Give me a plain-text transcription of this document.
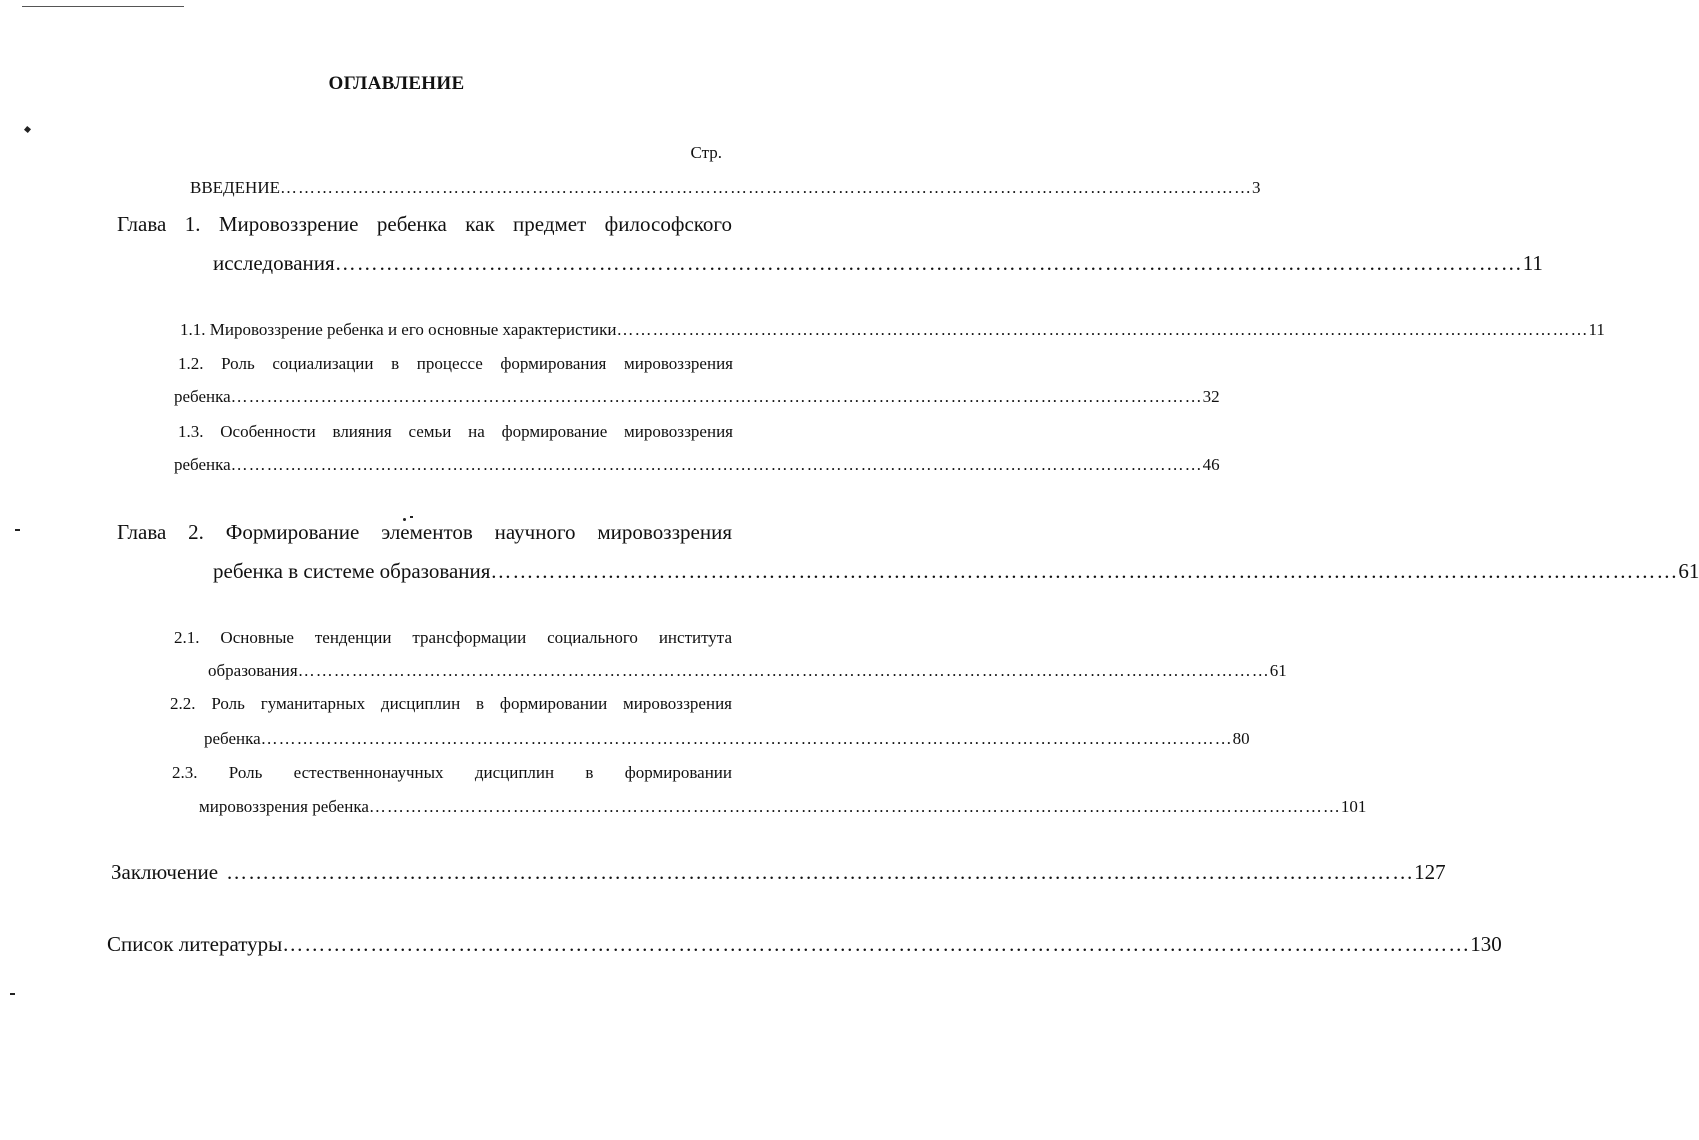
ОГЛАВЛЕНИЕ
Стр.
ВВЕДЕНИЕ ……………………………………………………………………………………………………………………………………………… 3
Глава 1. Мировоззрение ребенка как предмет философского
исследования ……………………………………………………………………………………………………………………………………………… 11
1.1. Мировоззрение ребенка и его основные характеристики ……………………………………………………………………………………………………………………………………………… 11
1.2. Роль социализации в процессе формирования мировоззрения
ребенка ……………………………………………………………………………………………………………………………………………… 32
1.3. Особенности влияния семьи на формирование мировоззрения
ребенка ……………………………………………………………………………………………………………………………………………… 46
Глава 2. Формирование элементов научного мировоззрения
ребенка в системе образования ……………………………………………………………………………………………………………………………………………… 61
2.1. Основные тенденции трансформации социального института
образования ……………………………………………………………………………………………………………………………………………… 61
2.2. Роль гуманитарных дисциплин в формировании мировоззрения
ребенка ……………………………………………………………………………………………………………………………………………… 80
2.3. Роль естественнонаучных дисциплин в формировании
мировоззрения ребенка ……………………………………………………………………………………………………………………………………………… 101
Заключение ……………………………………………………………………………………………………………………………………………… 127
Список литературы ……………………………………………………………………………………………………………………………………………… 130
